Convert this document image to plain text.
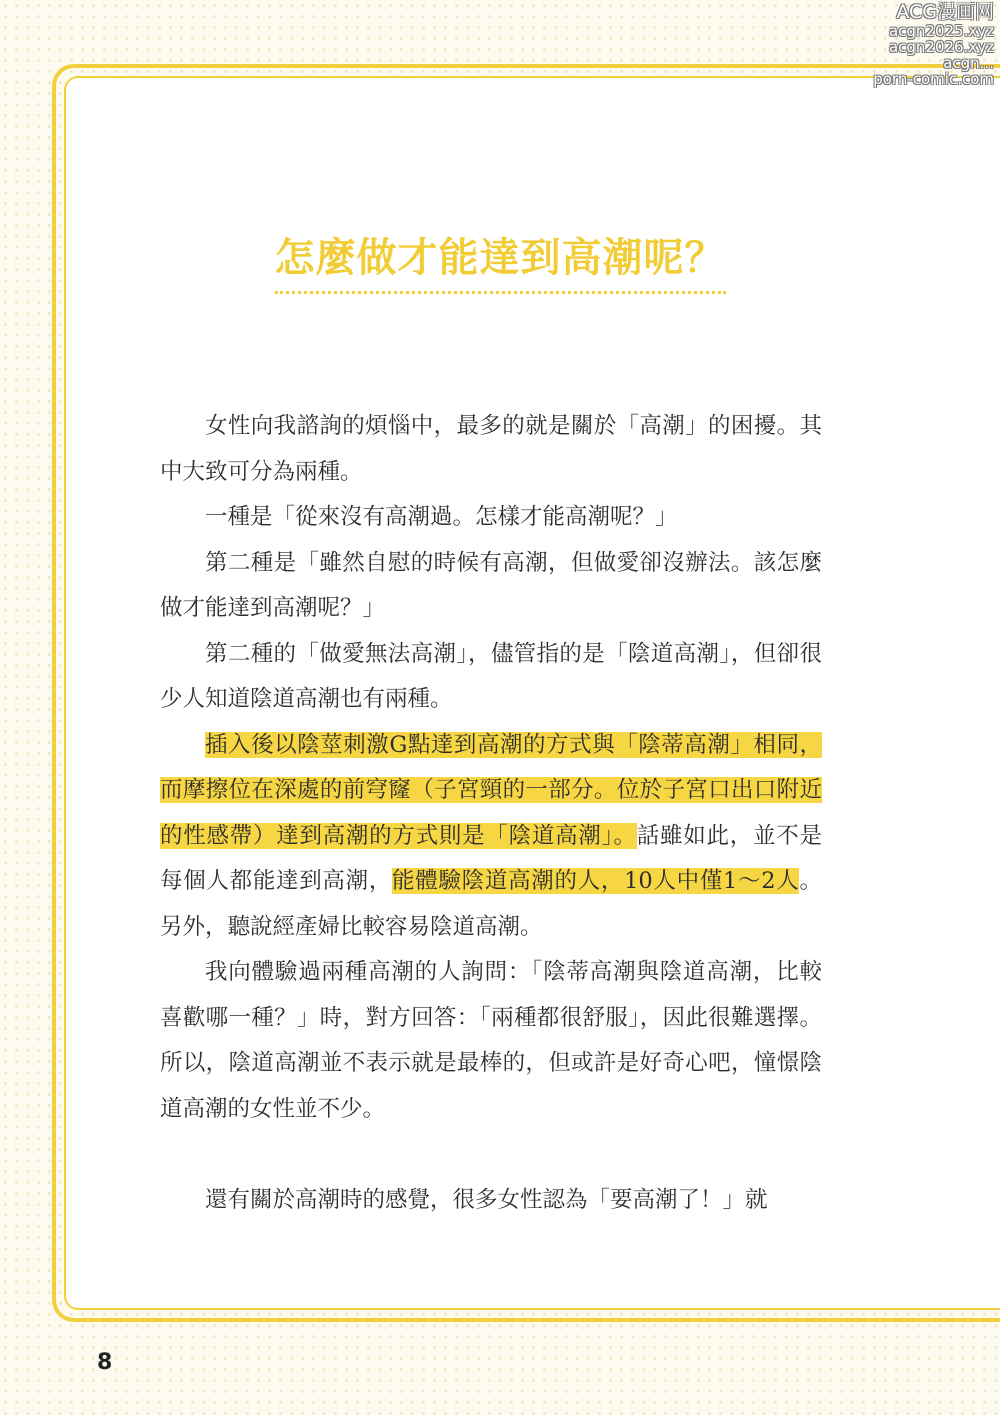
ACG漫画网
acgn2025.xyz
acgn2026.xyz
acgn...
porn-comic.com
怎麼做才能達到高潮呢？

女性向我諮詢的煩惱中，最多的就是關於「高潮」的困擾。其中大致可分為兩種。

一種是「從來沒有高潮過。怎樣才能高潮呢？」

第二種是「雖然自慰的時候有高潮，但做愛卻沒辦法。該怎麼做才能達到高潮呢？」

第二種的「做愛無法高潮」，儘管指的是「陰道高潮」，但卻很少人知道陰道高潮也有兩種。

插入後以陰莖刺激G點達到高潮的方式與「陰蒂高潮」相同，而摩擦位在深處的前穹窿（子宮頸的一部分。位於子宮口出口附近的性感帶）達到高潮的方式則是「陰道高潮」。話雖如此，並不是每個人都能達到高潮，能體驗陰道高潮的人，10人中僅1～2人。另外，聽說經產婦比較容易陰道高潮。

我向體驗過兩種高潮的人詢問：「陰蒂高潮與陰道高潮，比較喜歡哪一種？」時，對方回答：「兩種都很舒服」，因此很難選擇。所以，陰道高潮並不表示就是最棒的，但或許是好奇心吧，憧憬陰道高潮的女性並不少。

還有關於高潮時的感覺，很多女性認為「要高潮了！」就

8
